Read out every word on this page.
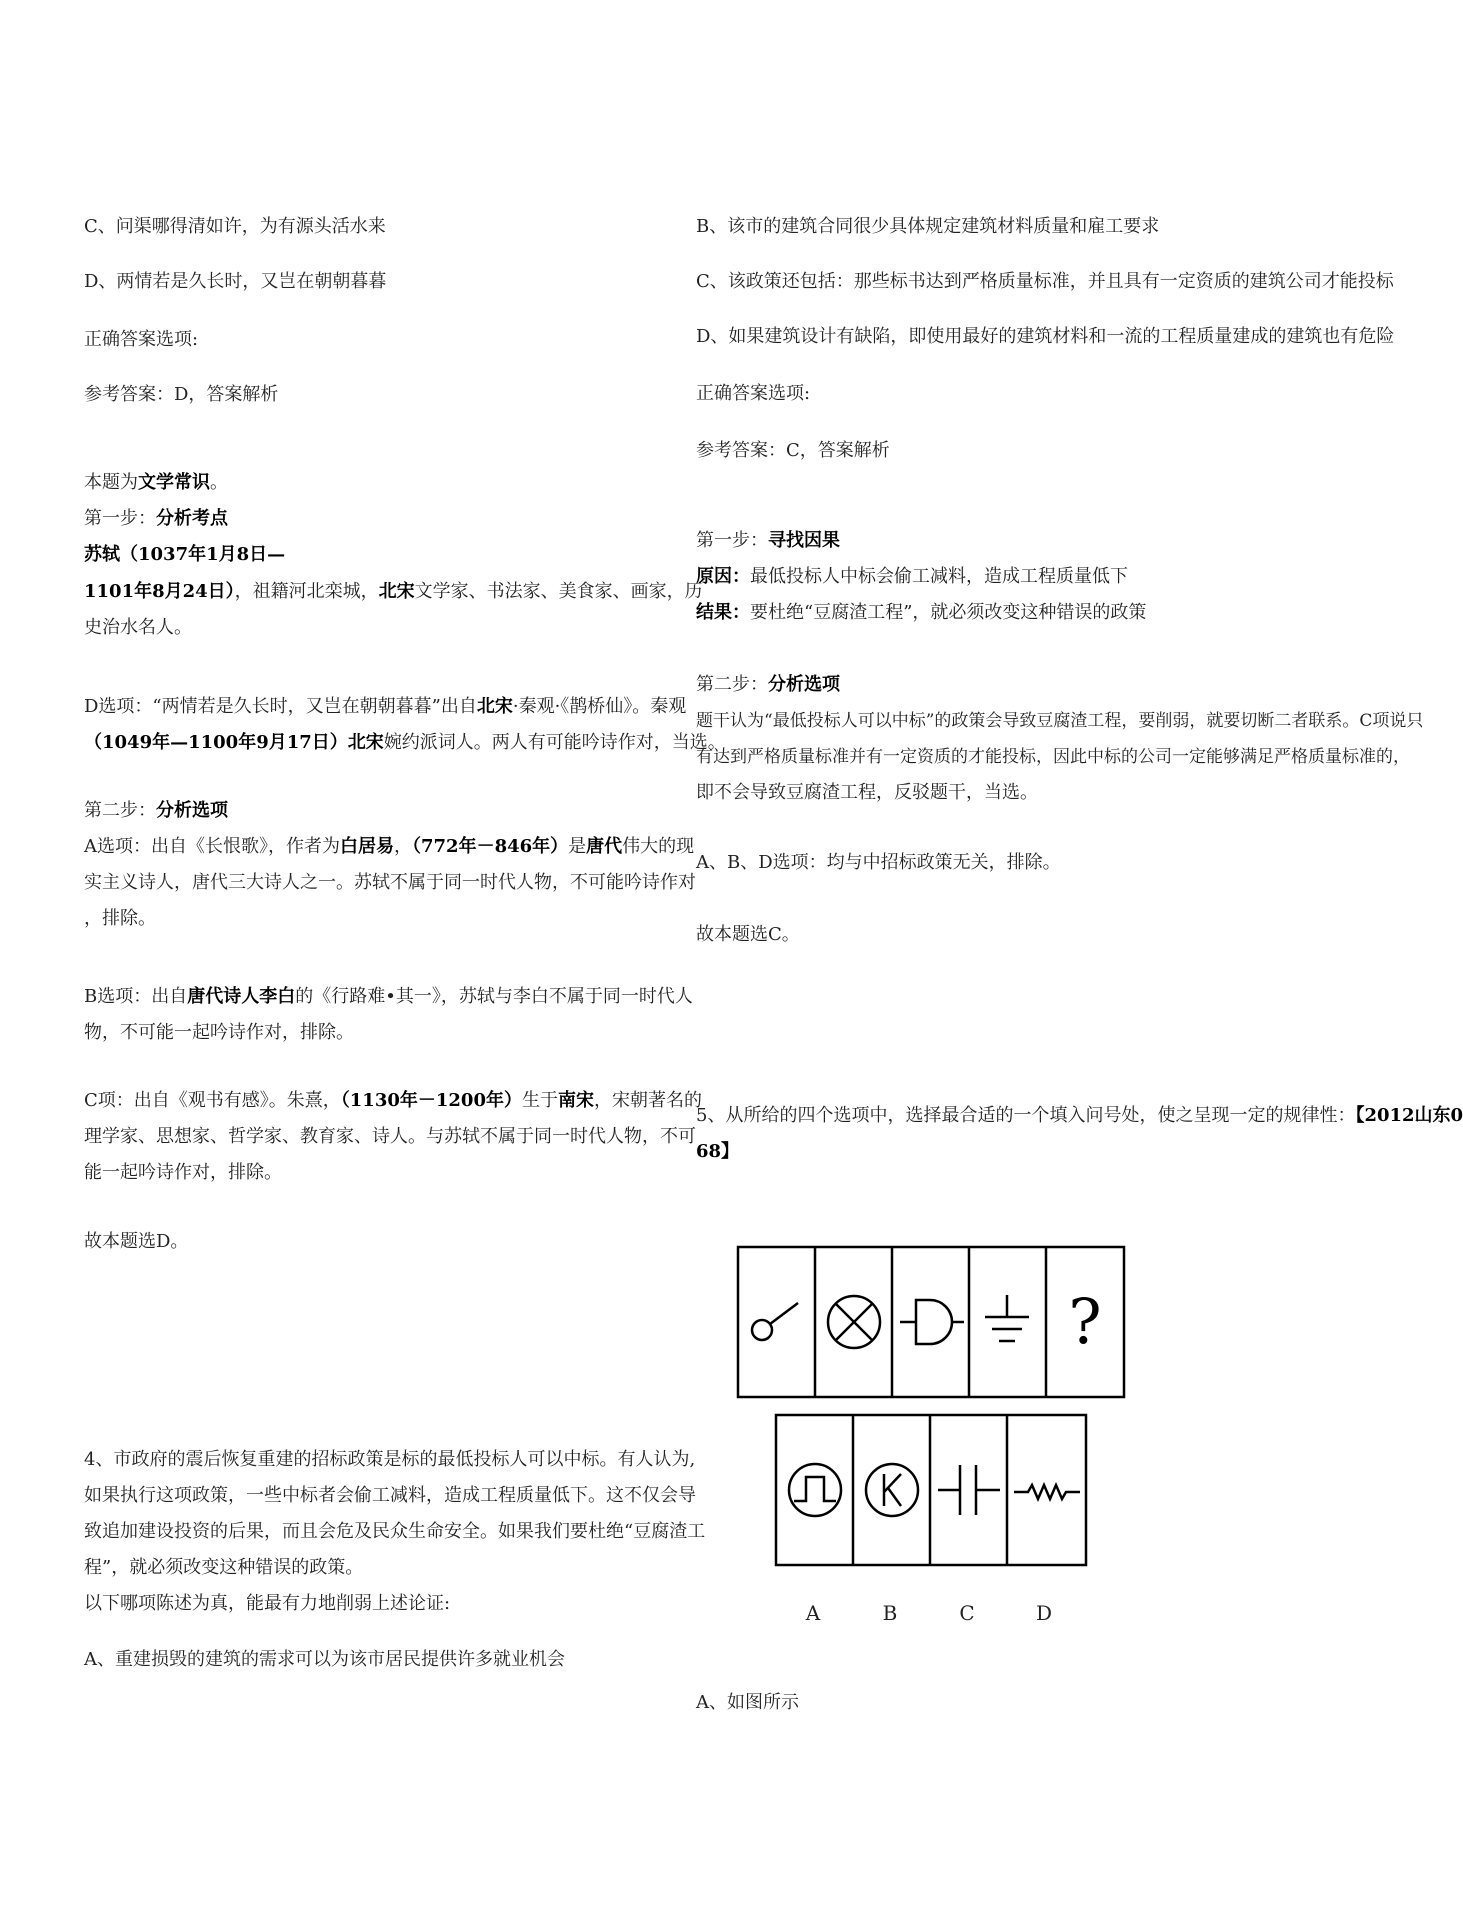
C、问渠哪得清如许，为有源头活水来
D、两情若是久长时，又岂在朝朝暮暮
正确答案选项:
参考答案：D，答案解析
本题为文学常识。
第一步：分析考点
苏轼（1037年1月8日—
1101年8月24日），祖籍河北栾城，北宋文学家、书法家、美食家、画家，历
史治水名人。
D选项：“两情若是久长时，又岂在朝朝暮暮”出自北宋·秦观·《鹊桥仙》。秦观
（1049年—1100年9月17日）北宋婉约派词人。两人有可能吟诗作对，当选。
第二步：分析选项
A选项：出自《长恨歌》，作者为白居易，（772年－846年）是唐代伟大的现
实主义诗人，唐代三大诗人之一。苏轼不属于同一时代人物，不可能吟诗作对
，排除。
B选项：出自唐代诗人李白的《行路难•其一》，苏轼与李白不属于同一时代人
物，不可能一起吟诗作对，排除。
C项：出自《观书有感》。朱熹，（1130年－1200年）生于南宋，宋朝著名的
理学家、思想家、哲学家、教育家、诗人。与苏轼不属于同一时代人物，不可
能一起吟诗作对，排除。
故本题选D。
4、市政府的震后恢复重建的招标政策是标的最低投标人可以中标。有人认为,
如果执行这项政策，一些中标者会偷工减料，造成工程质量低下。这不仅会导
致追加建设投资的后果，而且会危及民众生命安全。如果我们要杜绝“豆腐渣工
程”，就必须改变这种错误的政策。
以下哪项陈述为真，能最有力地削弱上述论证:
A、重建损毁的建筑的需求可以为该市居民提供许多就业机会
B、该市的建筑合同很少具体规定建筑材料质量和雇工要求
C、该政策还包括：那些标书达到严格质量标准，并且具有一定资质的建筑公司才能投标
D、如果建筑设计有缺陷，即使用最好的建筑材料和一流的工程质量建成的建筑也有危险
正确答案选项:
参考答案：C，答案解析
第一步：寻找因果
原因：最低投标人中标会偷工减料，造成工程质量低下
结果：要杜绝“豆腐渣工程”，就必须改变这种错误的政策
第二步：分析选项
题干认为“最低投标人可以中标”的政策会导致豆腐渣工程，要削弱，就要切断二者联系。C项说只
有达到严格质量标准并有一定资质的才能投标，因此中标的公司一定能够满足严格质量标准的，
即不会导致豆腐渣工程，反驳题干，当选。
A、B、D选项：均与中招标政策无关，排除。
故本题选C。
5、从所给的四个选项中，选择最合适的一个填入问号处，使之呈现一定的规律性：【2012山东0
68】
?
A	B	C	D
A、如图所示
